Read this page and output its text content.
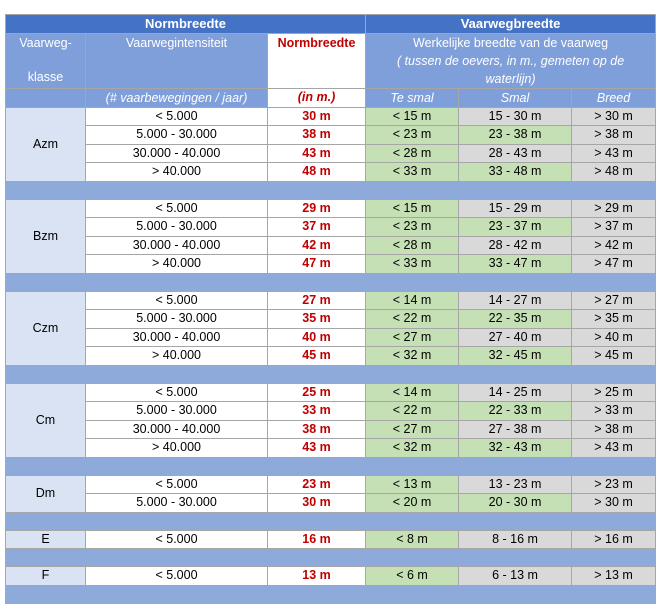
Normbreedte			Vaarwegbreedte		

Vaarweg-
klasse	Vaarwegintensiteit	Normbreedte	Werkelijke breedte van de vaarweg
( tussen de oevers, in m., gemeten op de
waterlijn)		

	(# vaarbewegingen / jaar)	(in m.)	Te smal	Smal	Breed
Azm	< 5.000	30 m	< 15 m	15 - 30 m	> 30 m
	5.000 - 30.000	38 m	< 23 m	23 - 38 m	> 38 m
	30.000 - 40.000	43 m	< 28 m	28 - 43 m	> 43 m
	> 40.000	48 m	< 33 m	33 - 48 m	> 48 m

Bzm	< 5.000	29 m	< 15 m	15 - 29 m	> 29 m
	5.000 - 30.000	37 m	< 23 m	23 - 37 m	> 37 m
	30.000 - 40.000	42 m	< 28 m	28 - 42 m	> 42 m
	> 40.000	47 m	< 33 m	33 - 47 m	> 47 m

Czm	< 5.000	27 m	< 14 m	14 - 27 m	> 27 m
	5.000 - 30.000	35 m	< 22 m	22 - 35 m	> 35 m
	30.000 - 40.000	40 m	< 27 m	27 - 40 m	> 40 m
	> 40.000	45 m	< 32 m	32 - 45 m	> 45 m

Cm	< 5.000	25 m	< 14 m	14 - 25 m	> 25 m
	5.000 - 30.000	33 m	< 22 m	22 - 33 m	> 33 m
	30.000 - 40.000	38 m	< 27 m	27 - 38 m	> 38 m
	> 40.000	43 m	< 32 m	32 - 43 m	> 43 m

Dm	< 5.000	23 m	< 13 m	13 - 23 m	> 23 m
	5.000 - 30.000	30 m	< 20 m	20 - 30 m	> 30 m

E	< 5.000	16 m	< 8 m	8 - 16 m	> 16 m

F	< 5.000	13 m	< 6 m	6 - 13 m	> 13 m
